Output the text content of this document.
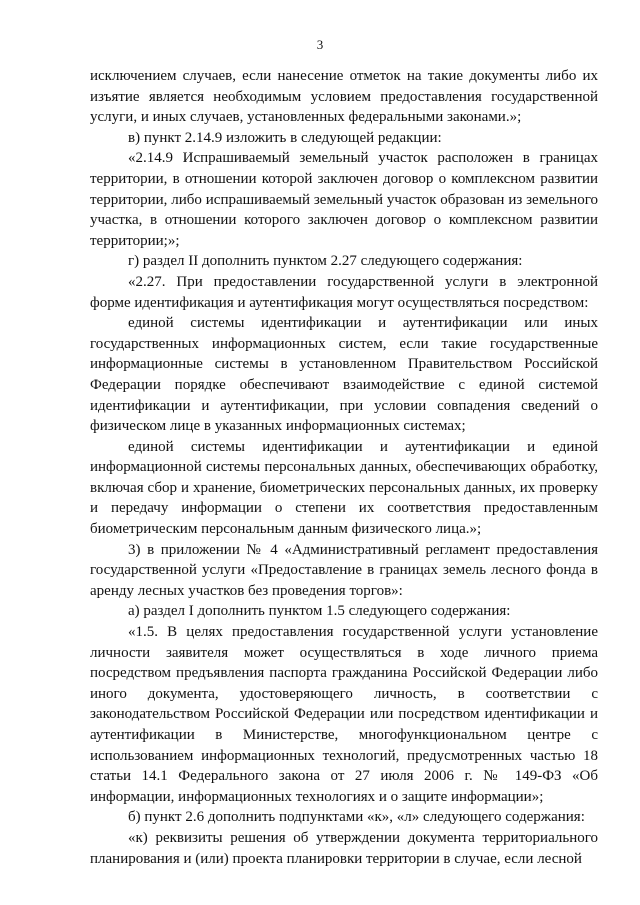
3

исключением случаев, если нанесение отметок на такие документы либо их изъятие является необходимым условием предоставления государственной услуги, и иных случаев, установленных федеральными законами.»;

в) пункт 2.14.9 изложить в следующей редакции:

«2.14.9 Испрашиваемый земельный участок расположен в границах территории, в отношении которой заключен договор о комплексном развитии территории, либо испрашиваемый земельный участок образован из земельного участка, в отношении которого заключен договор о комплексном развитии территории;»;

г) раздел II дополнить пунктом 2.27 следующего содержания:

«2.27. При предоставлении государственной услуги в электронной форме идентификация и аутентификация могут осуществляться посредством:

единой системы идентификации и аутентификации или иных государственных информационных систем, если такие государственные информационные системы в установленном Правительством Российской Федерации порядке обеспечивают взаимодействие с единой системой идентификации и аутентификации, при условии совпадения сведений о физическом лице в указанных информационных системах;

единой системы идентификации и аутентификации и единой информационной системы персональных данных, обеспечивающих обработку, включая сбор и хранение, биометрических персональных данных, их проверку и передачу информации о степени их соответствия предоставленным биометрическим персональным данным физического лица.»;

3) в приложении № 4 «Административный регламент предоставления государственной услуги «Предоставление в границах земель лесного фонда в аренду лесных участков без проведения торгов»:

а) раздел I дополнить пунктом 1.5 следующего содержания:

«1.5. В целях предоставления государственной услуги установление личности заявителя может осуществляться в ходе личного приема посредством предъявления паспорта гражданина Российской Федерации либо иного документа, удостоверяющего личность, в соответствии с законодательством Российской Федерации или посредством идентификации и аутентификации в Министерстве, многофункциональном центре с использованием информационных технологий, предусмотренных частью 18 статьи 14.1 Федерального закона от 27 июля 2006 г. № 149-ФЗ «Об информации, информационных технологиях и о защите информации»;

б) пункт 2.6 дополнить подпунктами «к», «л» следующего содержания:

«к) реквизиты решения об утверждении документа территориального планирования и (или) проекта планировки территории в случае, если лесной
